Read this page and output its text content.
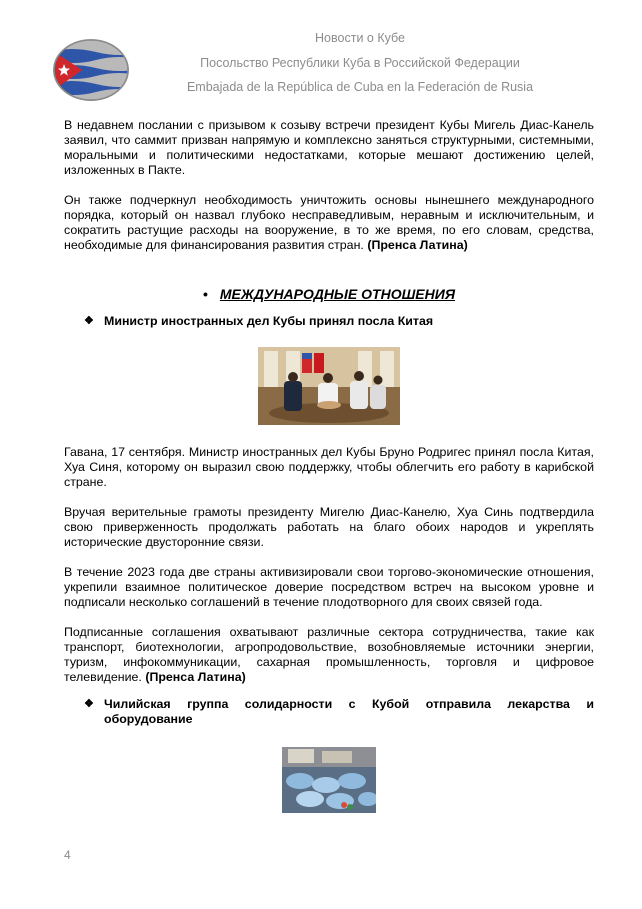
Новости о Кубе
Посольство Республики Куба в Российской Федерации
Embajada de la República de Cuba en la Federación de Rusia

В недавнем послании с призывом к созыву встречи президент Кубы Мигель Диас-Канель заявил, что саммит призван напрямую и комплексно заняться структурными, системными, моральными и политическими недостатками, которые мешают достижению целей, изложенных в Пакте.

Он также подчеркнул необходимость уничтожить основы нынешнего международного порядка, который он назвал глубоко несправедливым, неравным и исключительным, и сократить растущие расходы на вооружение, в то же время, по его словам, средства, необходимые для финансирования развития стран. (Пренса Латина)

• МЕЖДУНАРОДНЫЕ ОТНОШЕНИЯ
❖ Министр иностранных дел Кубы принял посла Китая

Гавана, 17 сентября. Министр иностранных дел Кубы Бруно Родригес принял посла Китая, Хуа Синя, которому он выразил свою поддержку, чтобы облегчить его работу в карибской стране.

Вручая верительные грамоты президенту Мигелю Диас-Канелю, Хуа Синь подтвердила свою приверженность продолжать работать на благо обоих народов и укреплять исторические двусторонние связи.

В течение 2023 года две страны активизировали свои торгово-экономические отношения, укрепили взаимное политическое доверие посредством встреч на высоком уровне и подписали несколько соглашений в течение плодотворного для своих связей года.

Подписанные соглашения охватывают различные сектора сотрудничества, такие как транспорт, биотехнологии, агропродовольствие, возобновляемые источники энергии, туризм, инфокоммуникации, сахарная промышленность, торговля и цифровое телевидение. (Пренса Латина)

❖ Чилийская группа солидарности с Кубой отправила лекарства и оборудование
4
